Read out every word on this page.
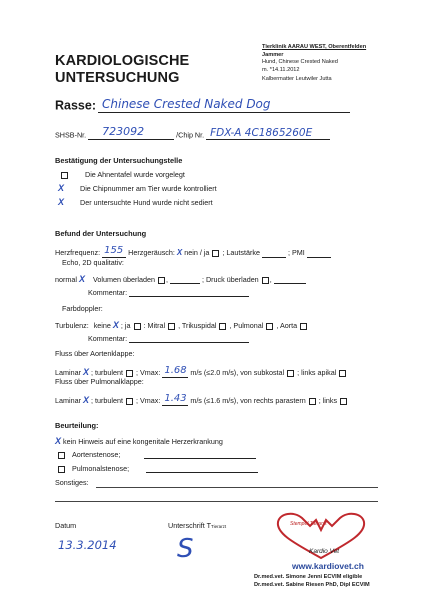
KARDIOLOGISCHE
UNTERSUCHUNG
Tierklinik AARAU WEST, Oberentfelden
Jammer
Hund, Chinese Crested Naked
m. *14.11.2012
Kalbermatter Leutwiler Jutta
Rasse: Chinese Crested Naked Dog
SHSB-Nr. 723092	/Chip Nr. FDX-A 4C1865260E
Bestätigung der Untersuchungstelle
Die Ahnentafel wurde vorgelegt
X Die Chipnummer am Tier wurde kontrolliert
X Der untersuchte Hund wurde nicht sediert
Befund der Untersuchung
Herzfrequenz: 155 Herzgeräusch: X nein / ja ; Lautstärke	; PMI
Echo, 2D qualitativ:
normal X Volumen überladen ,	; Druck überladen ,
Kommentar:
Farbdoppler:
Turbulenz: keine X ; ja : Mitral , Trikuspidal , Pulmonal , Aorta
Kommentar:
Fluss über Aortenklappe:
Laminar X ; turbulent ; Vmax: 1.68 m/s (≤2.0 m/s), von subkostal ; links apikal
Fluss über Pulmonalklappe:
Laminar X ; turbulent ; Vmax: 1.43 m/s (≤1.6 m/s), von rechts parastern ; links
Beurteilung:
X kein Hinweis auf eine kongenitale Herzerkrankung
Aortenstenose;
Pulmonalstenose;
Sonstiges:
Datum
13.3.2014
Unterschrift TTierarzt
S
Stempel Tierarzt
Kardio Vet
www.kardiovet.ch
Dr.med.vet. Simone Jenni ECVIM eligible
Dr.med.vet. Sabine Riesen PhD, Dipl ECVIM
